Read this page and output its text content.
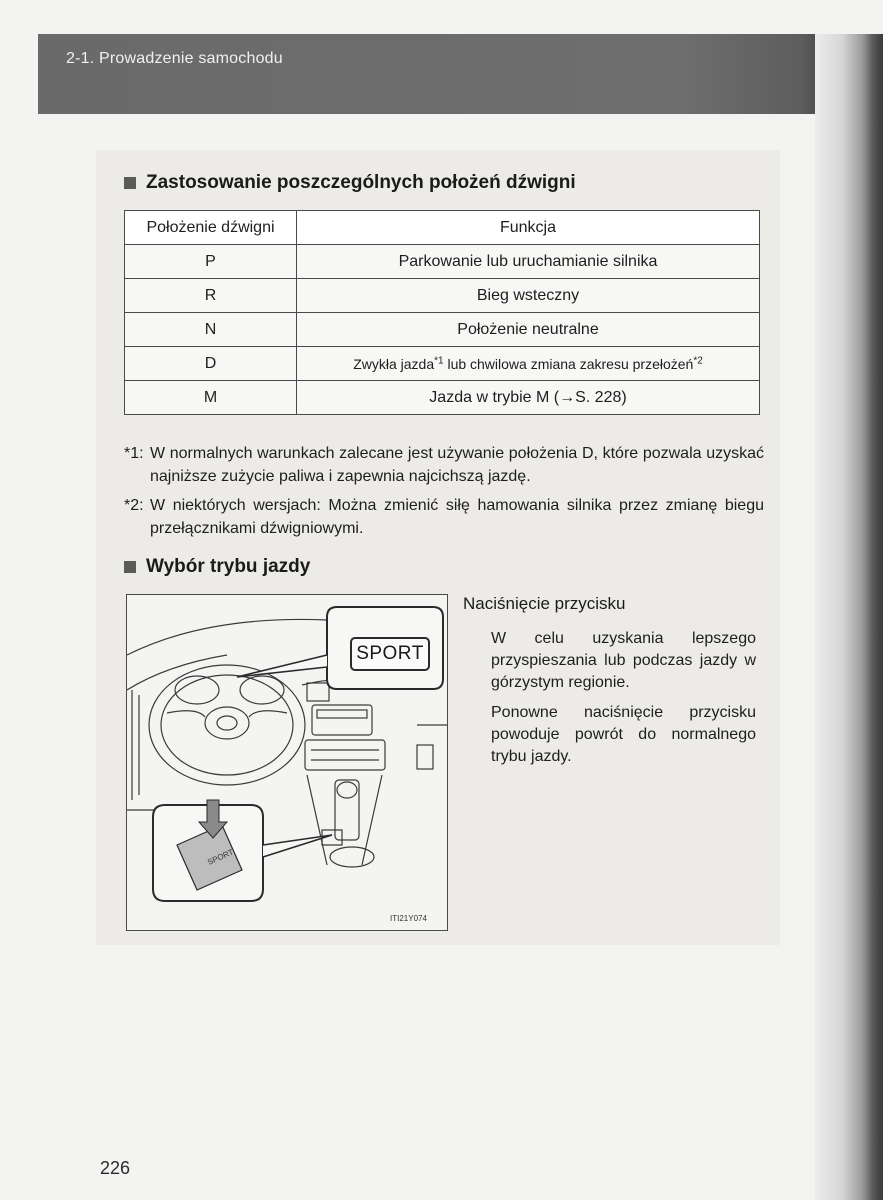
2-1. Prowadzenie samochodu
Zastosowanie poszczególnych położeń dźwigni
Położenie dźwigni	Funkcja
P	Parkowanie lub uruchamianie silnika
R	Bieg wsteczny
N	Położenie neutralne
D	Zwykła jazda$^{*1}$ lub chwilowa zmiana zakresu przełożeń$^{*2}$
M	Jazda w trybie M (→S. 228)
*1: W normalnych warunkach zalecane jest używanie położenia D, które pozwala uzyskać najniższe zużycie paliwa i zapewnia najcichszą jazdę.
*2: W niektórych wersjach: Można zmienić siłę hamowania silnika przez zmianę biegu przełącznikami dźwigniowymi.
Wybór trybu jazdy
SPORT
SPORT
ITI21Y074
Naciśnięcie przycisku
W celu uzyskania lepszego przyspieszania lub podczas jazdy w górzystym regionie.
Ponowne naciśnięcie przycisku powoduje powrót do normalnego trybu jazdy.
226
